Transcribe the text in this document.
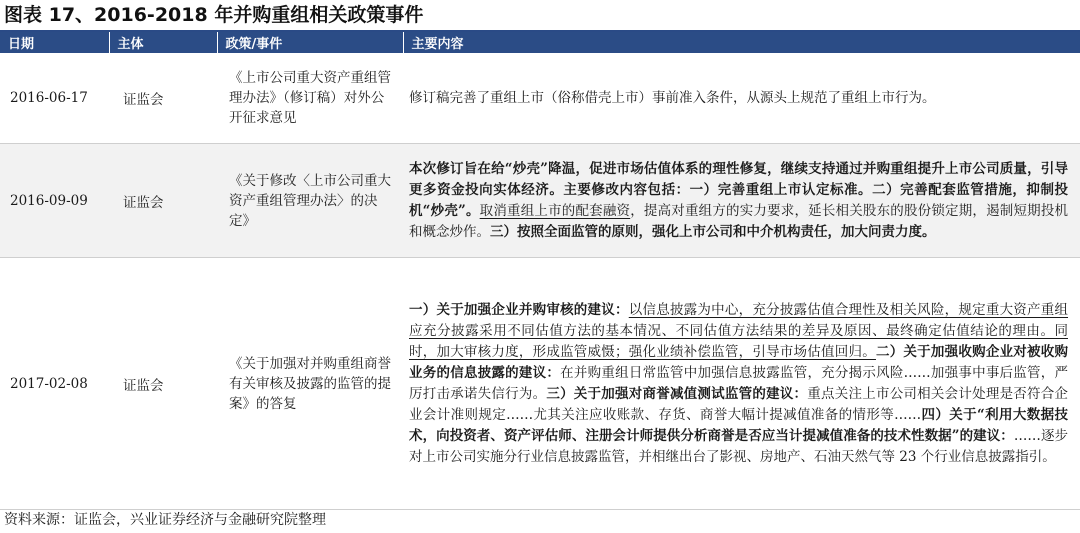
图表 17、2016-2018 年并购重组相关政策事件
日期	主体	政策/事件	主要内容
2016-06-17	证监会	《上市公司重大资产重组管理办法》（修订稿）对外公开征求意见	修订稿完善了重组上市（俗称借壳上市）事前准入条件，从源头上规范了重组上市行为。
2016-09-09	证监会	《关于修改〈上市公司重大资产重组管理办法〉的决定》	本次修订旨在给“炒壳”降温，促进市场估值体系的理性修复，继续支持通过并购重组提升上市公司质量，引导更多资金投向实体经济。主要修改内容包括：一）完善重组上市认定标准。二）完善配套监管措施，抑制投机“炒壳”。取消重组上市的配套融资，提高对重组方的实力要求，延长相关股东的股份锁定期，遏制短期投机和概念炒作。三）按照全面监管的原则，强化上市公司和中介机构责任，加大问责力度。
2017-02-08	证监会	《关于加强对并购重组商誉有关审核及披露的监管的提案》的答复	一）关于加强企业并购审核的建议：以信息披露为中心，充分披露估值合理性及相关风险，规定重大资产重组应充分披露采用不同估值方法的基本情况、不同估值方法结果的差异及原因、最终确定估值结论的理由。同时，加大审核力度，形成监管威慑；强化业绩补偿监管，引导市场估值回归。二）关于加强收购企业对被收购业务的信息披露的建议：在并购重组日常监管中加强信息披露监管，充分揭示风险……加强事中事后监管，严厉打击承诺失信行为。三）关于加强对商誉减值测试监管的建议：重点关注上市公司相关会计处理是否符合企业会计准则规定……尤其关注应收账款、存货、商誉大幅计提减值准备的情形等……四）关于“利用大数据技术，向投资者、资产评估师、注册会计师提供分析商誉是否应当计提减值准备的技术性数据”的建议：……逐步对上市公司实施分行业信息披露监管，并相继出台了影视、房地产、石油天然气等 23 个行业信息披露指引。
资料来源：证监会，兴业证券经济与金融研究院整理
